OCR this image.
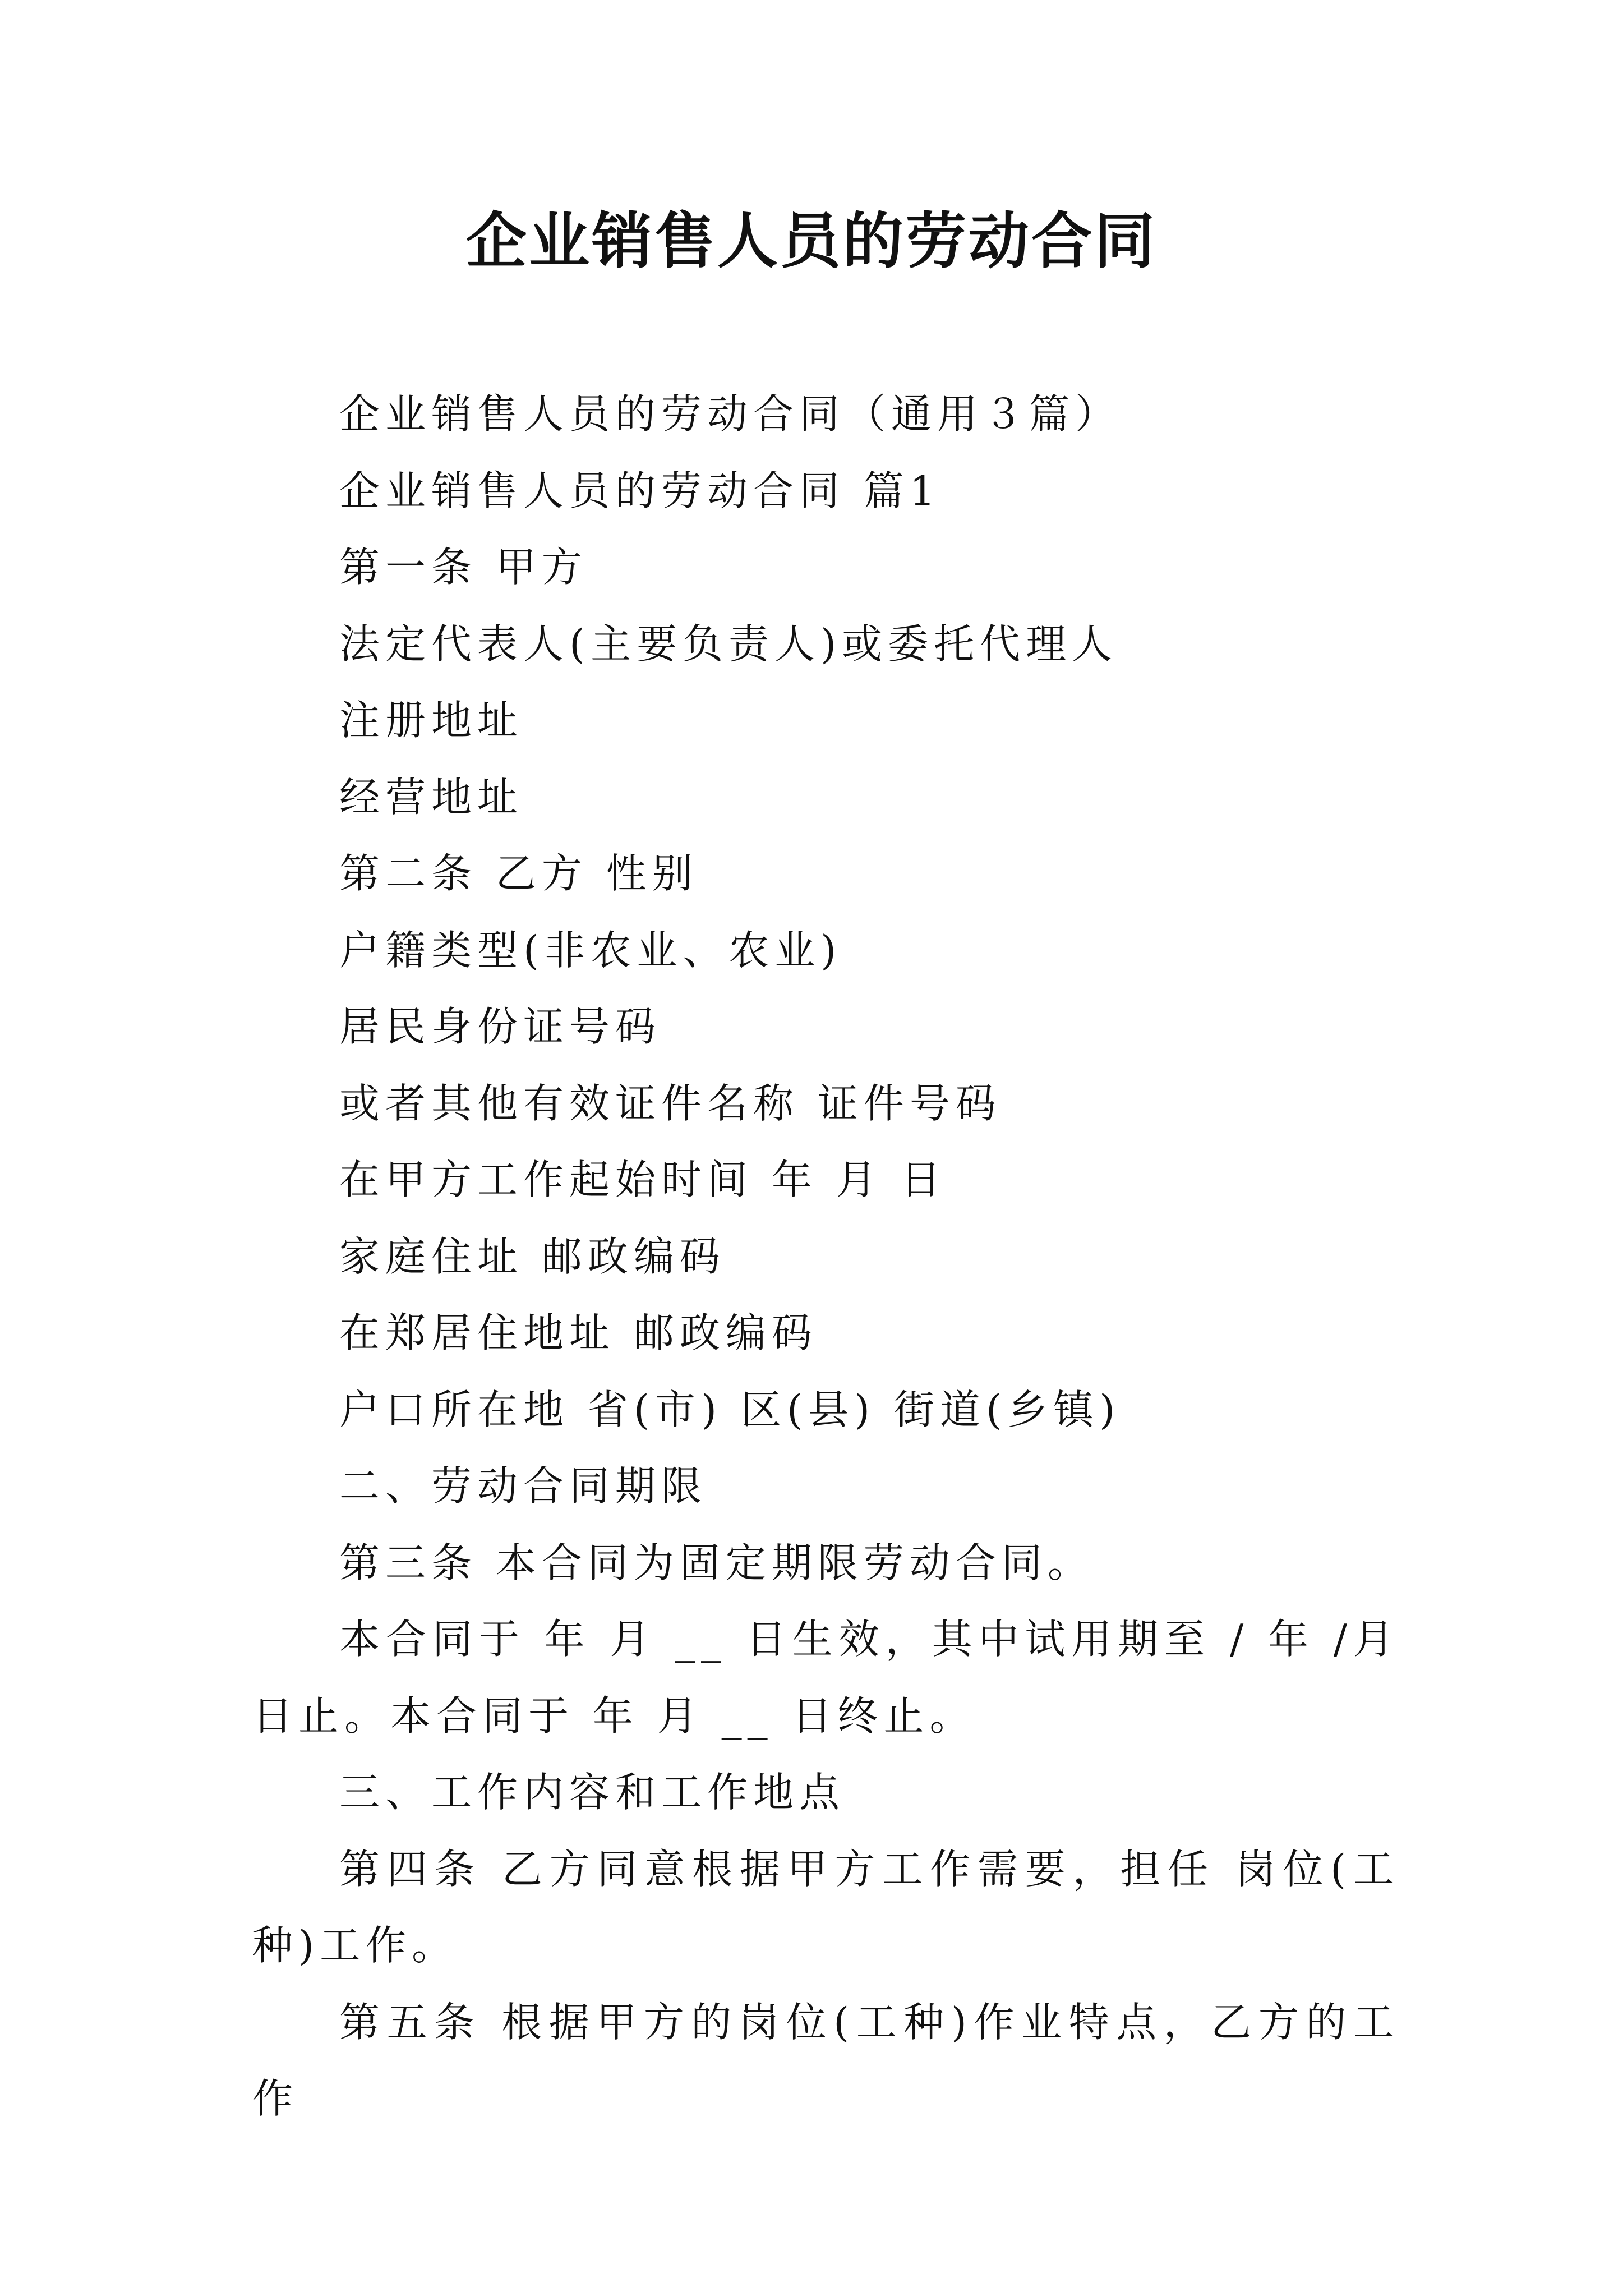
企业销售人员的劳动合同

企业销售人员的劳动合同（通用３篇）

企业销售人员的劳动合同 篇1

第一条 甲方

法定代表人(主要负责人)或委托代理人

注册地址

经营地址

第二条 乙方 性别

户籍类型(非农业、农业)

居民身份证号码

或者其他有效证件名称 证件号码

在甲方工作起始时间 年 月 日

家庭住址 邮政编码

在郑居住地址 邮政编码

户口所在地 省(市) 区(县) 街道(乡镇)

二、劳动合同期限

第三条 本合同为固定期限劳动合同。

本合同于 年 月 __ 日生效，其中试用期至 / 年 /月日止。本合同于 年 月 __ 日终止。

三、工作内容和工作地点

第四条 乙方同意根据甲方工作需要，担任 岗位(工种)工作。

第五条 根据甲方的岗位(工种)作业特点，乙方的工作
